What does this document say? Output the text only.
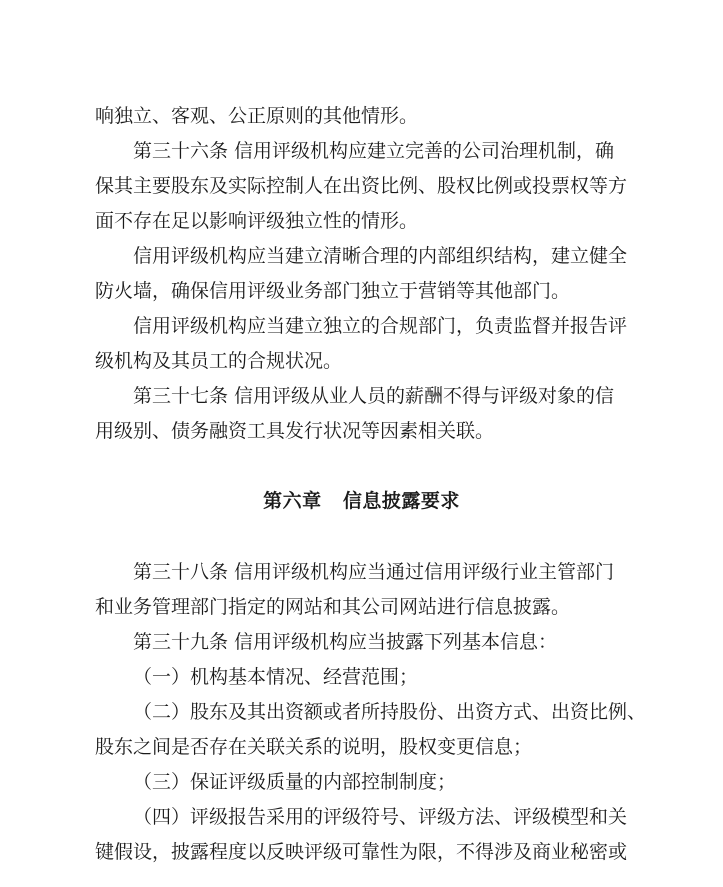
响独立、客观、公正原则的其他情形。
第三十六条 信用评级机构应建立完善的公司治理机制，确
保其主要股东及实际控制人在出资比例、股权比例或投票权等方
面不存在足以影响评级独立性的情形。
信用评级机构应当建立清晰合理的内部组织结构，建立健全
防火墙，确保信用评级业务部门独立于营销等其他部门。
信用评级机构应当建立独立的合规部门，负责监督并报告评
级机构及其员工的合规状况。
第三十七条 信用评级从业人员的薪酬不得与评级对象的信
用级别、债务融资工具发行状况等因素相关联。
第六章   信息披露要求
第三十八条 信用评级机构应当通过信用评级行业主管部门
和业务管理部门指定的网站和其公司网站进行信息披露。
第三十九条 信用评级机构应当披露下列基本信息：
（一）机构基本情况、经营范围；
（二）股东及其出资额或者所持股份、出资方式、出资比例、
股东之间是否存在关联关系的说明，股权变更信息；
（三）保证评级质量的内部控制制度；
（四）评级报告采用的评级符号、评级方法、评级模型和关
键假设，披露程度以反映评级可靠性为限，不得涉及商业秘密或
